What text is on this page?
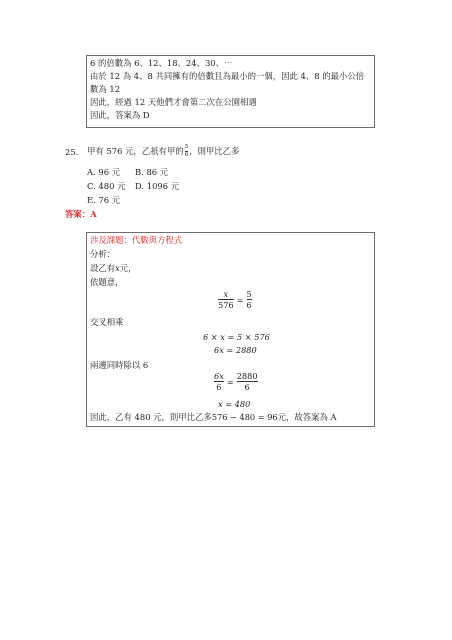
6 的倍數為 6、12、18、24、30、⋯
由於 12 為 4、8 共同擁有的倍數且為最小的一個，因此 4、8 的最小公倍
數為 12
因此，經過 12 天他們才會第二次在公園相遇
因此，答案為 D
25. 甲有 576 元，乙祇有甲的 $\frac{5}{6}$ ，則甲比乙多
A. 96 元 B. 86 元
C. 480 元 D. 1096 元
E. 76 元
答案：A
涉及課題：代數與方程式
分析：
設乙有x元，
依題意，
$\frac{x}{576} = \frac{5}{6}$
交叉相乘
6 × x = 5 × 576
6x = 2880
兩邊同時除以 6
$\frac{6x}{6} = \frac{2880}{6}$
x = 480
因此，乙有 480 元，則甲比乙多576 − 480 = 96元，故答案為 A
